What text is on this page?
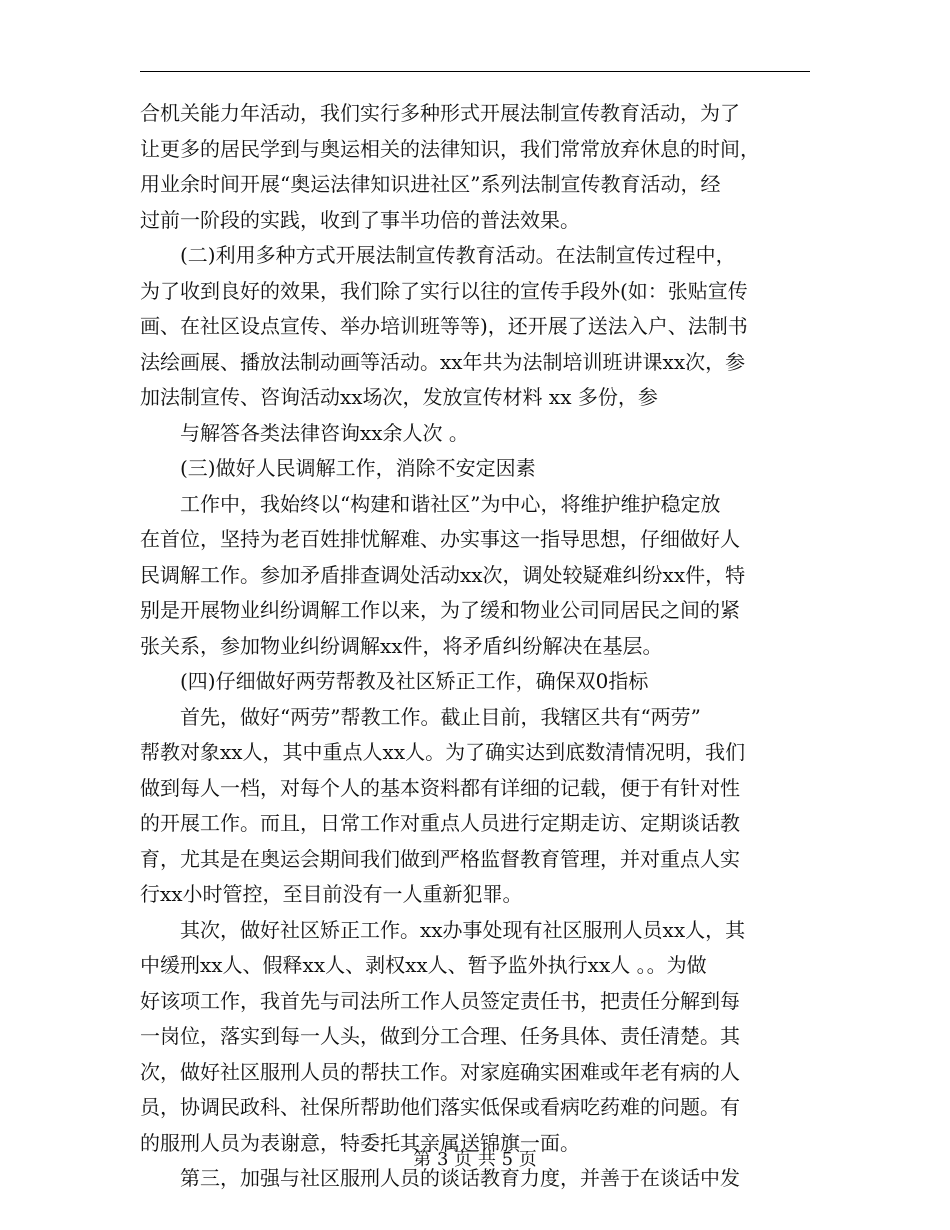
合机关能力年活动，我们实行多种形式开展法制宣传教育活动，为了
让更多的居民学到与奥运相关的法律知识，我们常常放弃休息的时间，
用业余时间开展“奥运法律知识进社区”系列法制宣传教育活动，经
过前一阶段的实践，收到了事半功倍的普法效果。
(二)利用多种方式开展法制宣传教育活动。在法制宣传过程中，
为了收到良好的效果，我们除了实行以往的宣传手段外(如：张贴宣传
画、在社区设点宣传、举办培训班等等)，还开展了送法入户、法制书
法绘画展、播放法制动画等活动。xx年共为法制培训班讲课xx次，参
加法制宣传、咨询活动xx场次，发放宣传材料 xx 多份，参
与解答各类法律咨询xx余人次 。
(三)做好人民调解工作，消除不安定因素
工作中，我始终以“构建和谐社区”为中心，将维护维护稳定放
在首位，坚持为老百姓排忧解难、办实事这一指导思想，仔细做好人
民调解工作。参加矛盾排查调处活动xx次，调处较疑难纠纷xx件，特
别是开展物业纠纷调解工作以来，为了缓和物业公司同居民之间的紧
张关系，参加物业纠纷调解xx件，将矛盾纠纷解决在基层。
(四)仔细做好两劳帮教及社区矫正工作，确保双0指标
首先，做好“两劳”帮教工作。截止目前，我辖区共有“两劳”
帮教对象xx人，其中重点人xx人。为了确实达到底数清情况明，我们
做到每人一档，对每个人的基本资料都有详细的记载，便于有针对性
的开展工作。而且，日常工作对重点人员进行定期走访、定期谈话教
育，尤其是在奥运会期间我们做到严格监督教育管理，并对重点人实
行xx小时管控，至目前没有一人重新犯罪。
其次，做好社区矫正工作。xx办事处现有社区服刑人员xx人，其
中缓刑xx人、假释xx人、剥权xx人、暂予监外执行xx人 。。为做
好该项工作，我首先与司法所工作人员签定责任书，把责任分解到每
一岗位，落实到每一人头，做到分工合理、任务具体、责任清楚。其
次，做好社区服刑人员的帮扶工作。对家庭确实困难或年老有病的人
员，协调民政科、社保所帮助他们落实低保或看病吃药难的问题。有
的服刑人员为表谢意，特委托其亲属送锦旗一面。
第三，加强与社区服刑人员的谈话教育力度，并善于在谈话中发
第 3 页 共 5 页
